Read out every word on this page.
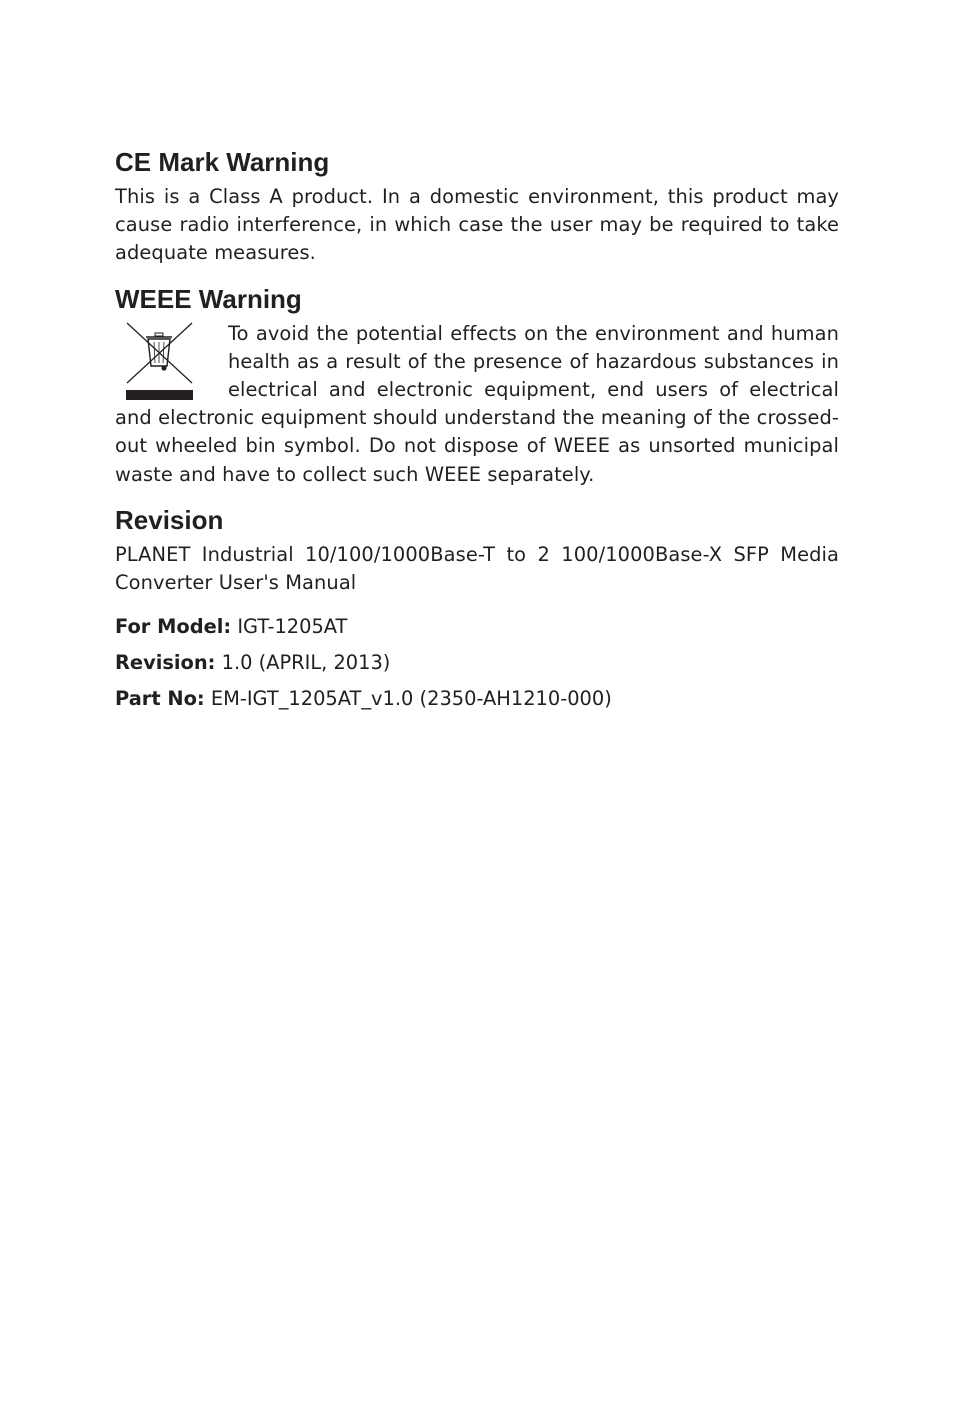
CE Mark Warning

This is a Class A product. In a domestic environment, this product may cause radio interference, in which case the user may be required to take adequate measures.

WEEE Warning

To avoid the potential effects on the environment and human health as a result of the presence of hazardous substances in electrical and electronic equipment, end users of electrical and electronic equipment should understand the meaning of the crossed-out wheeled bin symbol. Do not dispose of WEEE as unsorted municipal waste and have to collect such WEEE separately.

Revision

PLANET Industrial 10/100/1000Base-T to 2 100/1000Base-X SFP Media Converter User's Manual

For Model: IGT-1205AT
Revision: 1.0 (APRIL, 2013)
Part No: EM-IGT_1205AT_v1.0 (2350-AH1210-000)
